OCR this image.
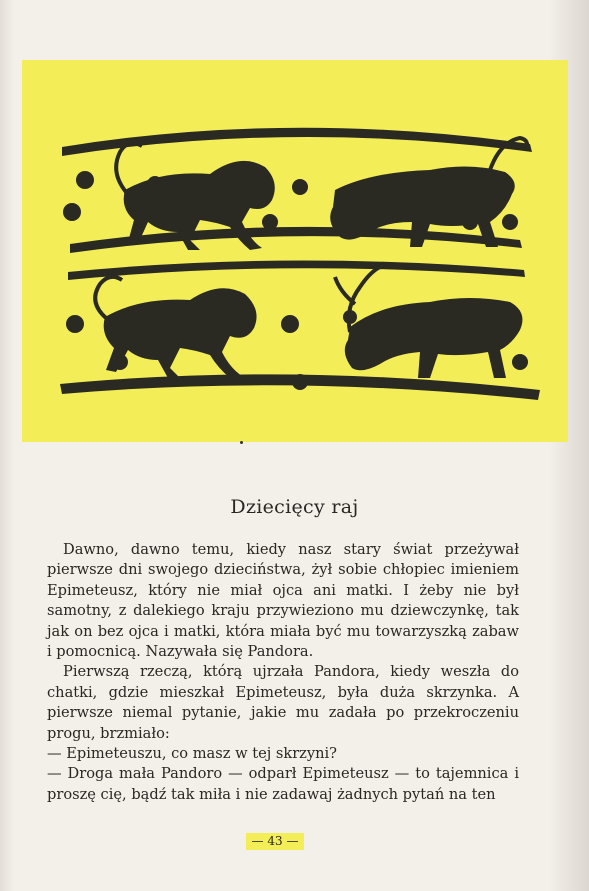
Dziecięcy raj

Dawno, dawno temu, kiedy nasz stary świat przeżywał pierwsze dni swojego dzieciństwa, żył sobie chłopiec imieniem Epimeteusz, który nie miał ojca ani matki. I żeby nie był samotny, z dalekiego kraju przywieziono mu dziewczynkę, tak jak on bez ojca i matki, która miała być mu towarzyszką zabaw i pomocnicą. Nazywała się Pandora.

Pierwszą rzeczą, którą ujrzała Pandora, kiedy weszła do chatki, gdzie mieszkał Epimeteusz, była duża skrzynka. A pierwsze niemal pytanie, jakie mu zadała po przekroczeniu progu, brzmiało:

— Epimeteuszu, co masz w tej skrzyni?

— Droga mała Pandoro — odparł Epimeteusz — to tajemnica i proszę cię, bądź tak miła i nie zadawaj żadnych pytań na ten

— 43 —
